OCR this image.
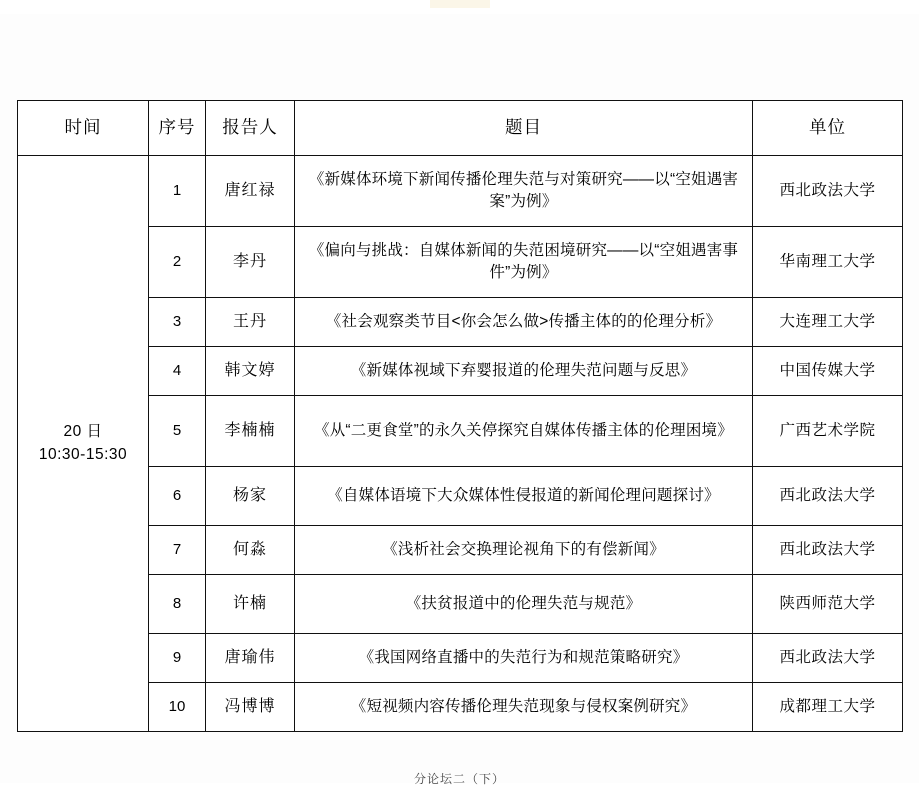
时间	序号	报告人	题目	单位

20 日
10:30-15:30	1	唐红禄	《新媒体环境下新闻传播伦理失范与对策研究——以“空姐遇害案”为例》	西北政法大学
	2	李丹	《偏向与挑战：自媒体新闻的失范困境研究——以“空姐遇害事件”为例》	华南理工大学
	3	王丹	《社会观察类节目<你会怎么做>传播主体的的伦理分析》	大连理工大学
	4	韩文婷	《新媒体视域下弃婴报道的伦理失范问题与反思》	中国传媒大学
	5	李楠楠	《从“二更食堂”的永久关停探究自媒体传播主体的伦理困境》	广西艺术学院
	6	杨家	《自媒体语境下大众媒体性侵报道的新闻伦理问题探讨》	西北政法大学
	7	何淼	《浅析社会交换理论视角下的有偿新闻》	西北政法大学
	8	许楠	《扶贫报道中的伦理失范与规范》	陕西师范大学
	9	唐瑜伟	《我国网络直播中的失范行为和规范策略研究》	西北政法大学
	10	冯博博	《短视频内容传播伦理失范现象与侵权案例研究》	成都理工大学
分论坛二（下）
